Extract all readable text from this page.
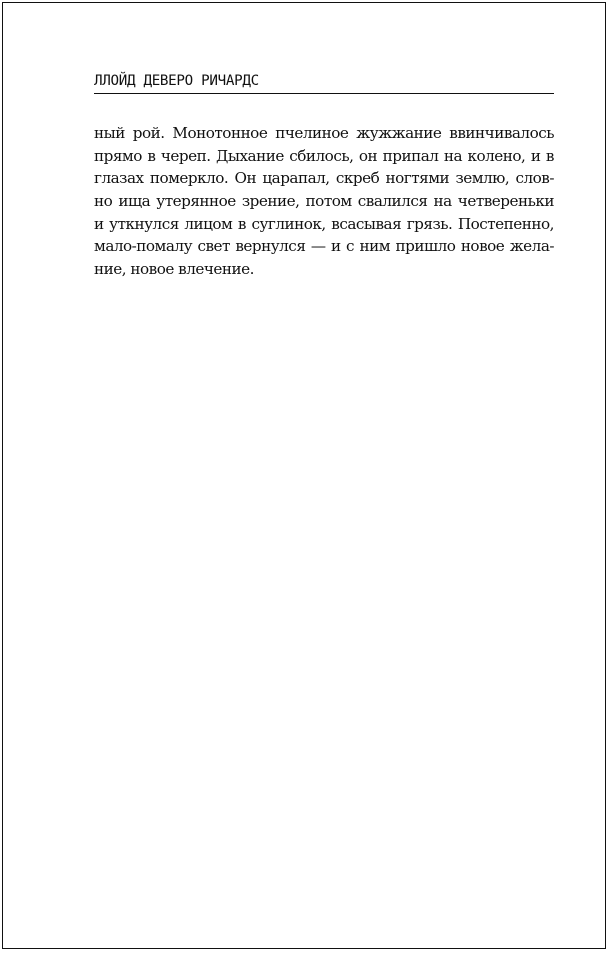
ЛЛОЙД ДЕВЕРО РИЧАРДС
ный рой. Монотонное пчелиное жужжание ввинчивалось
прямо в череп. Дыхание сбилось, он припал на колено, и в
глазах померкло. Он царапал, скреб ногтями землю, слов-
но ища утерянное зрение, потом свалился на четвереньки
и уткнулся лицом в суглинок, всасывая грязь. Постепенно,
мало-помалу свет вернулся — и с ним пришло новое жела-
ние, новое влечение.
